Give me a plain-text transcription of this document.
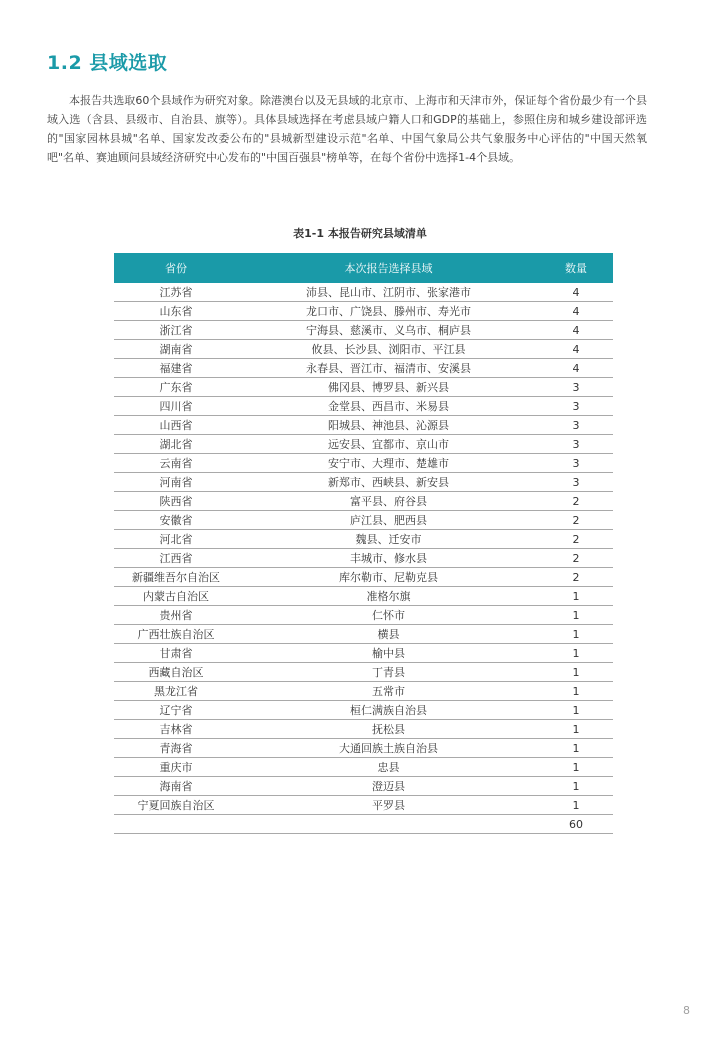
1.2 县域选取

本报告共选取60个县域作为研究对象。除港澳台以及无县域的北京市、上海市和天津市外，保证每个省份最少有一个县域入选（含县、县级市、自治县、旗等）。具体县域选择在考虑县域户籍人口和GDP的基础上，参照住房和城乡建设部评选的"国家园林县城"名单、国家发改委公布的"县城新型建设示范"名单、中国气象局公共气象服务中心评估的"中国天然氧吧"名单、赛迪顾问县域经济研究中心发布的"中国百强县"榜单等，在每个省份中选择1-4个县域。

表1-1 本报告研究县域清单
省份	本次报告选择县域	数量
江苏省	沛县、昆山市、江阴市、张家港市	4
山东省	龙口市、广饶县、滕州市、寿光市	4
浙江省	宁海县、慈溪市、义乌市、桐庐县	4
湖南省	攸县、长沙县、浏阳市、平江县	4
福建省	永春县、晋江市、福清市、安溪县	4
广东省	佛冈县、博罗县、新兴县	3
四川省	金堂县、西昌市、米易县	3
山西省	阳城县、神池县、沁源县	3
湖北省	远安县、宜都市、京山市	3
云南省	安宁市、大理市、楚雄市	3
河南省	新郑市、西峡县、新安县	3
陕西省	富平县、府谷县	2
安徽省	庐江县、肥西县	2
河北省	魏县、迁安市	2
江西省	丰城市、修水县	2
新疆维吾尔自治区	库尔勒市、尼勒克县	2
内蒙古自治区	准格尔旗	1
贵州省	仁怀市	1
广西壮族自治区	横县	1
甘肃省	榆中县	1
西藏自治区	丁青县	1
黑龙江省	五常市	1
辽宁省	桓仁满族自治县	1
吉林省	抚松县	1
青海省	大通回族土族自治县	1
重庆市	忠县	1
海南省	澄迈县	1
宁夏回族自治区	平罗县	1
		60
8
